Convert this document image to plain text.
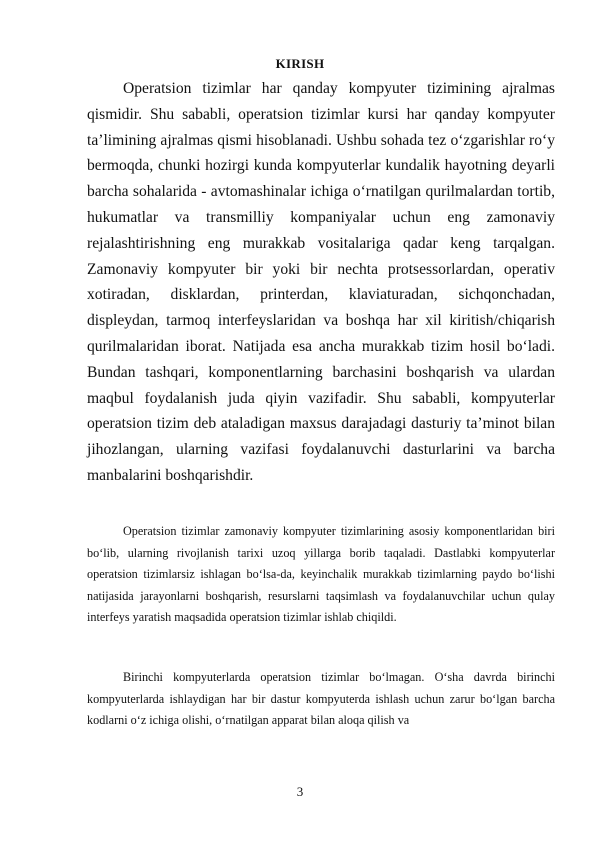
KIRISH

Operatsion tizimlar har qanday kompyuter tizimining ajralmas qismidir. Shu sababli, operatsion tizimlar kursi har qanday kompyuter ta’limining ajralmas qismi hisoblanadi. Ushbu sohada tez o‘zgarishlar ro‘y bermoqda, chunki hozirgi kunda kompyuterlar kundalik hayotning deyarli barcha sohalarida - avtomashinalar ichiga o‘rnatilgan qurilmalardan tortib, hukumatlar va transmilliy kompaniyalar uchun eng zamonaviy rejalashtirishning eng murakkab vositalariga qadar keng tarqalgan. Zamonaviy kompyuter bir yoki bir nechta protsessorlardan, operativ xotiradan, disklardan, printerdan, klaviaturadan, sichqonchadan, displeydan, tarmoq interfeyslaridan va boshqa har xil kiritish/chiqarish qurilmalaridan iborat. Natijada esa ancha murakkab tizim hosil bo‘ladi. Bundan tashqari, komponentlarning barchasini boshqarish va ulardan maqbul foydalanish juda qiyin vazifadir. Shu sababli, kompyuterlar operatsion tizim deb ataladigan maxsus darajadagi dasturiy ta’minot bilan jihozlangan, ularning vazifasi foydalanuvchi dasturlarini va barcha manbalarini boshqarishdir.

Operatsion tizimlar zamonaviy kompyuter tizimlarining asosiy komponentlaridan biri bo‘lib, ularning rivojlanish tarixi uzoq yillarga borib taqaladi. Dastlabki kompyuterlar operatsion tizimlarsiz ishlagan bo‘lsa-da, keyinchalik murakkab tizimlarning paydo bo‘lishi natijasida jarayonlarni boshqarish, resurslarni taqsimlash va foydalanuvchilar uchun qulay interfeys yaratish maqsadida operatsion tizimlar ishlab chiqildi.

Birinchi kompyuterlarda operatsion tizimlar bo‘lmagan. O‘sha davrda birinchi kompyuterlarda ishlaydigan har bir dastur kompyuterda ishlash uchun zarur bo‘lgan barcha kodlarni o‘z ichiga olishi, o‘rnatilgan apparat bilan aloqa qilish va

3
